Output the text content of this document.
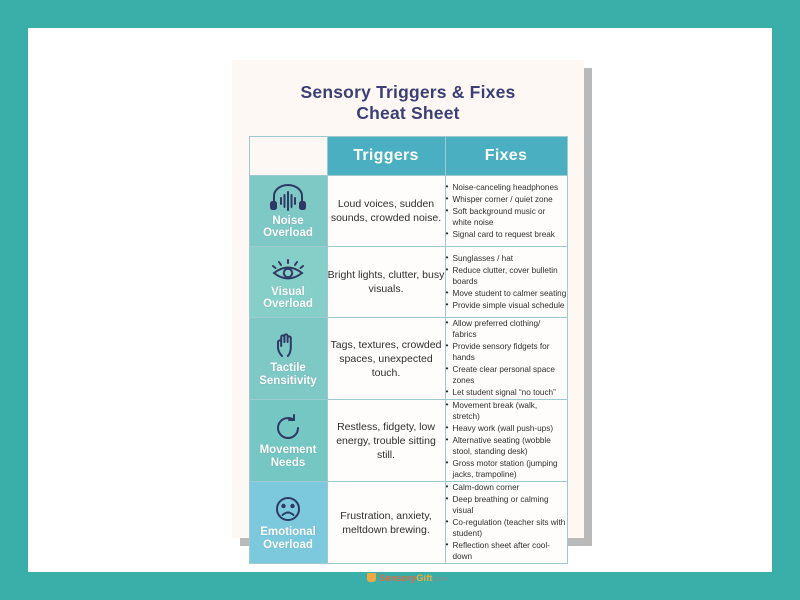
Sensory Triggers & Fixes
Cheat Sheet
	Triggers	Fixes

Noise
Overload
	Loud voices, sudden sounds, crowded noise.	
• Noise-canceling headphones
• Whisper corner / quiet zone
• Soft background music or white noise
• Signal card to request break

Visual
Overload
	Bright lights, clutter, busy visuals.	
• Sunglasses / hat
• Reduce clutter, cover bulletin boards
• Move student to calmer seating
• Provide simple visual schedule

Tactile
Sensitivity
	Tags, textures, crowded spaces, unexpected touch.	
• Allow preferred clothing/ fabrics
• Provide sensory fidgets for hands
• Create clear personal space zones
• Let student signal “no touch”

Movement
Needs
	Restless, fidgety, low energy, trouble sitting still.	
• Movement break (walk, stretch)
• Heavy work (wall push-ups)
• Alternative seating (wobble stool, standing desk)
• Gross motor station (jumping jacks, trampoline)

Emotional
Overload
	Frustration, anxiety, meltdown brewing.	
• Calm-down corner
• Deep breathing or calming visual
• Co-regulation (teacher sits with student)
• Reflection sheet after cool-down
SensoryGift.com
